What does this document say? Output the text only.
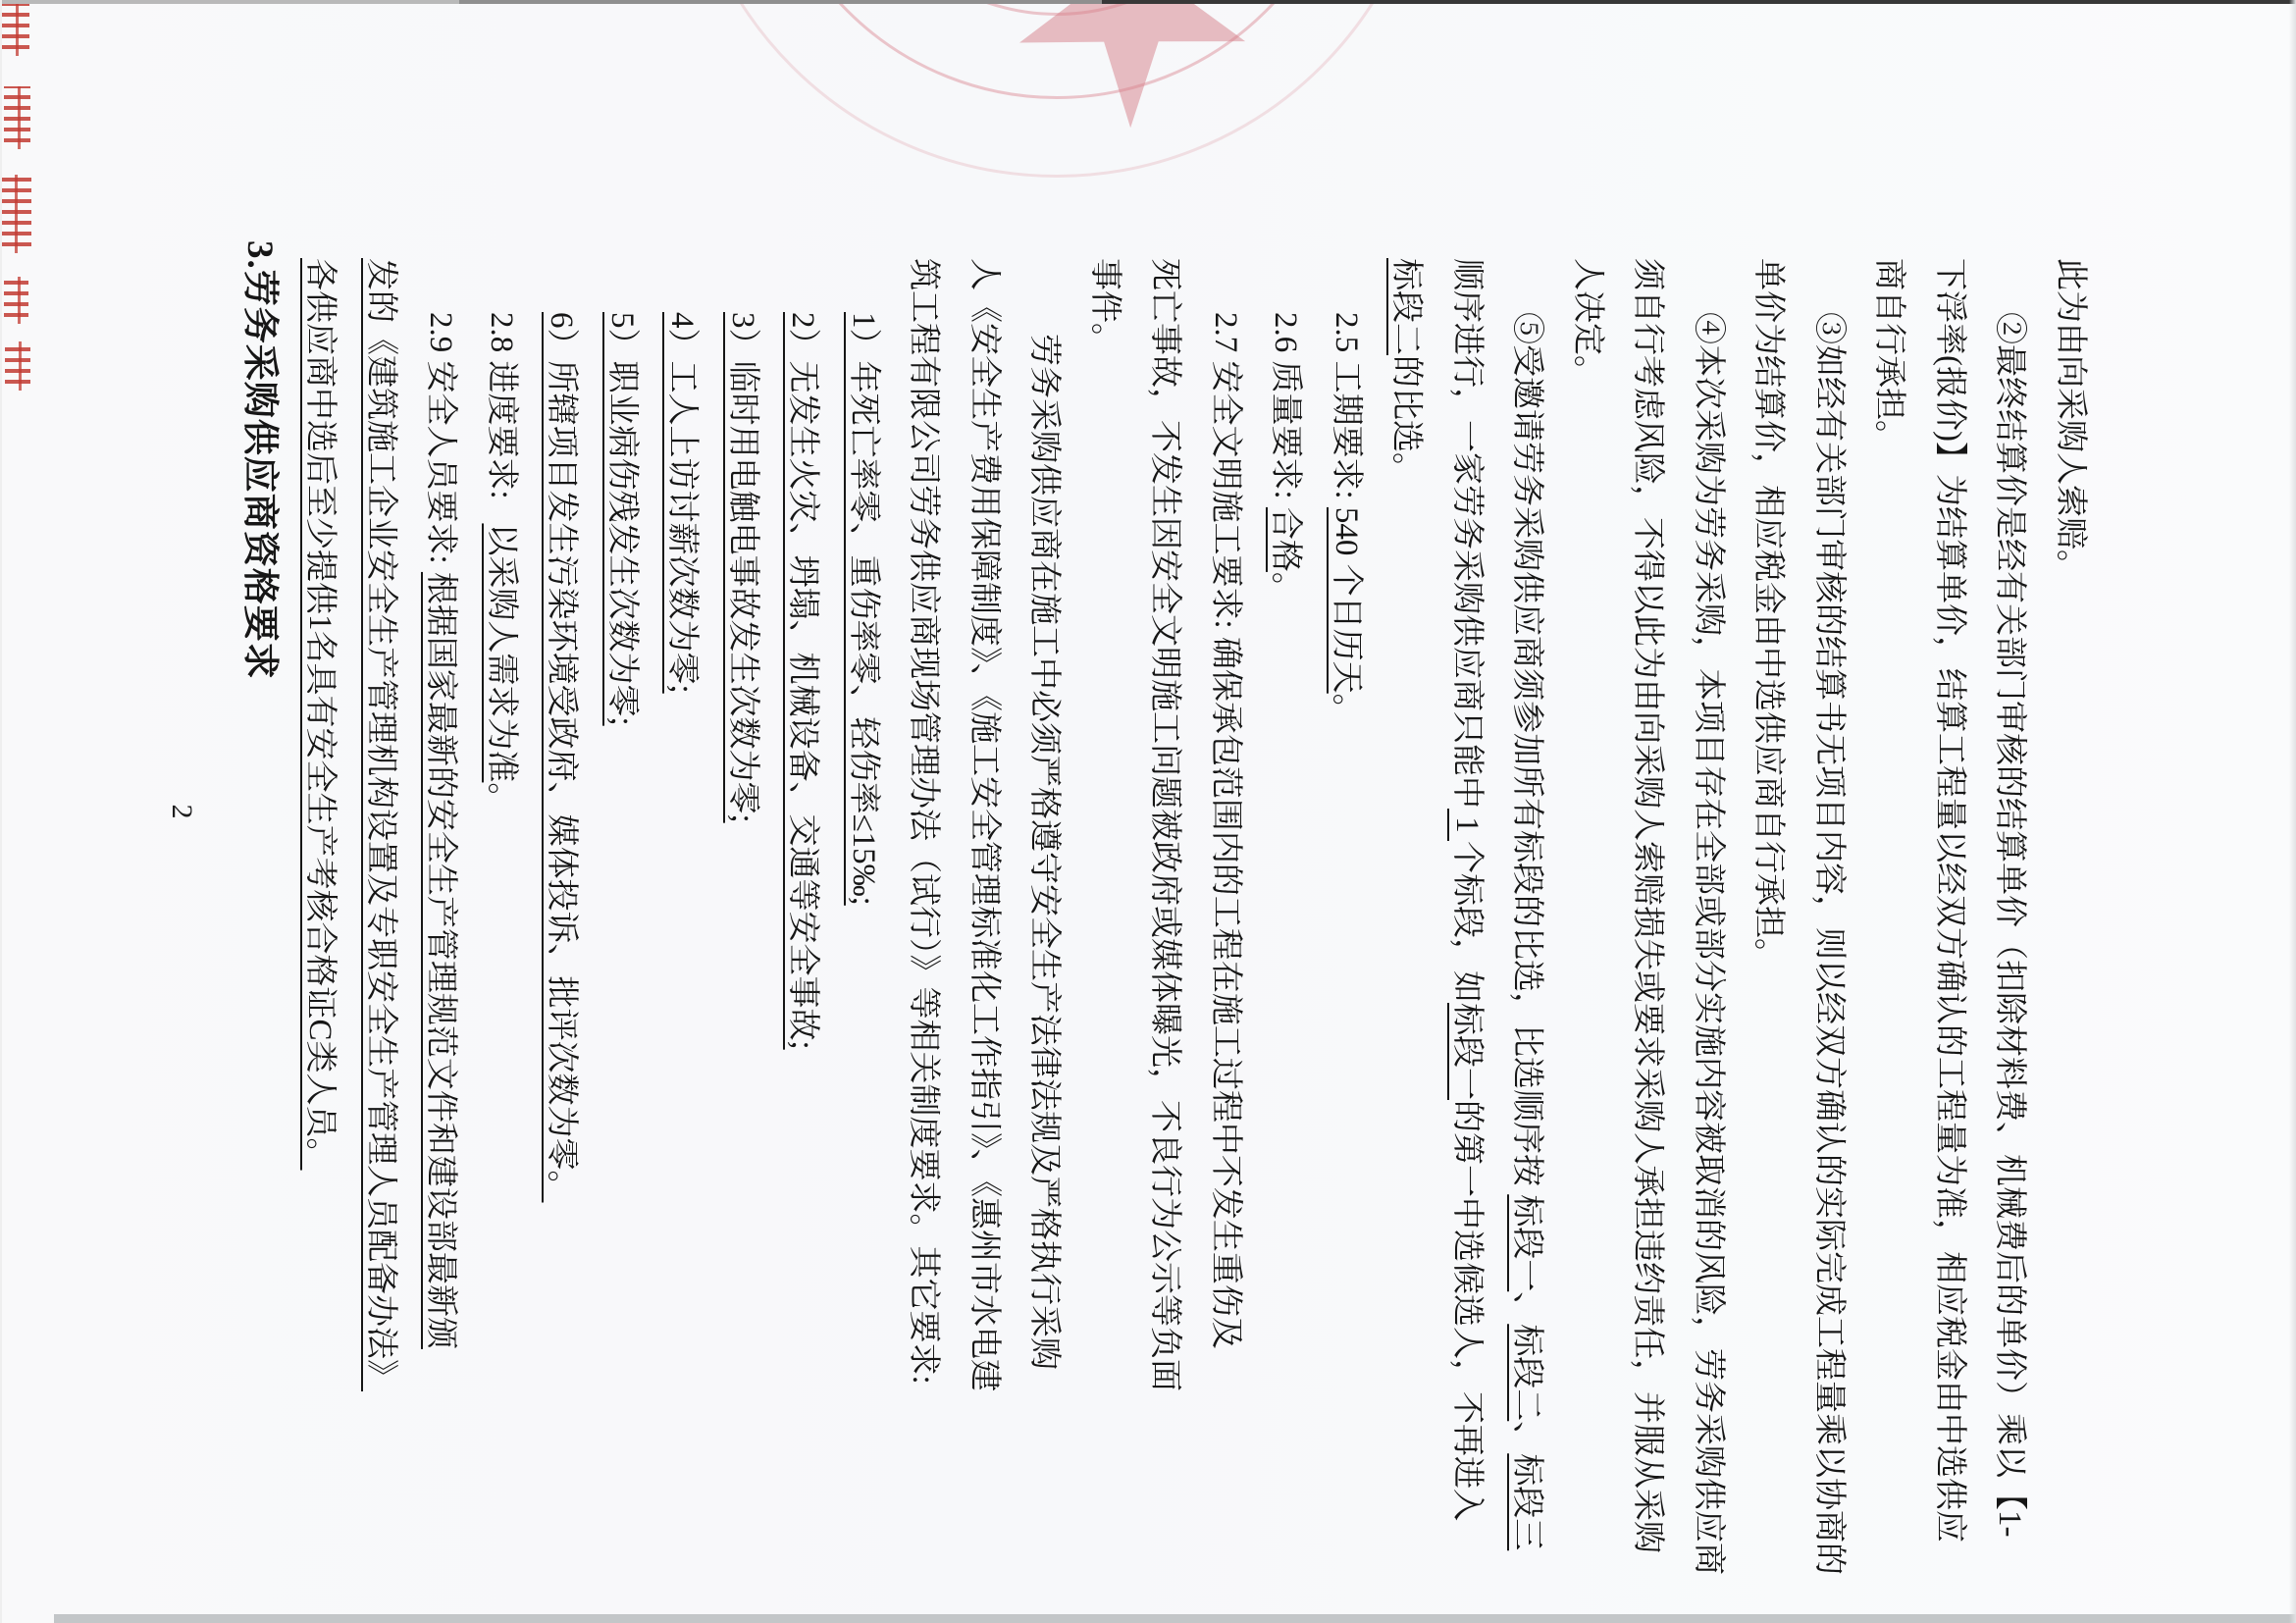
此为由向采购人索赔。
②最终结算价是经有关部门审核的结算单价（扣除材料费、机械费后的单价）乘以【1-
下浮率(报价)】为结算单价，结算工程量以经双方确认的工程量为准，相应税金由中选供应
商自行承担。
③如经有关部门审核的结算书无项目内容，则以经双方确认的实际完成工程量乘以协商的
单价为结算价，相应税金由中选供应商自行承担。
④本次采购为劳务采购，本项目存在全部或部分实施内容被取消的风险，劳务采购供应商
须自行考虑风险，不得以此为由向采购人索赔损失或要求采购人承担违约责任，并服从采购
人决定。
⑤受邀请劳务采购供应商须参加所有标段的比选，比选顺序按 标段一、标段二、标段三
顺序进行，一家劳务采购供应商只能中 1 个标段，如标段一的第一中选候选人，不再进入
标段二的比选。
2.5 工期要求: 540 个日历天。
2.6 质量要求: 合格。
2.7 安全文明施工要求: 确保承包范围内的工程在施工过程中不发生重伤及
死亡事故，不发生因安全文明施工问题被政府或媒体曝光，不良行为公示等负面
事件。
劳务采购供应商在施工中必须严格遵守安全生产法律法规及严格执行采购
人《安全生产费用保障制度》、《施工安全管理标准化工作指引》、《惠州市水电建
筑工程有限公司劳务供应商现场管理办法（试行）》等相关制度要求。其它要求:
1）年死亡率零、重伤率零、轻伤率≤15‰;
2）无发生火灾、坍塌、机械设备、交通等安全事故;
3）临时用电触电事故发生次数为零;
4）工人上访讨薪次数为零;
5）职业病伤残发生次数为零;
6）所辖项目发生污染环境受政府、媒体投诉、批评次数为零。
2.8 进度要求:   以采购人需求为准。
2.9 安全人员要求: 根据国家最新的安全生产管理规范文件和建设部最新颁
发的《建筑施工企业安全生产管理机构设置及专职安全生产管理人员配备办法》
各供应商中选后至少提供1名具有安全生产考核合格证C类人员。
3.劳务采购供应商资格要求
2
